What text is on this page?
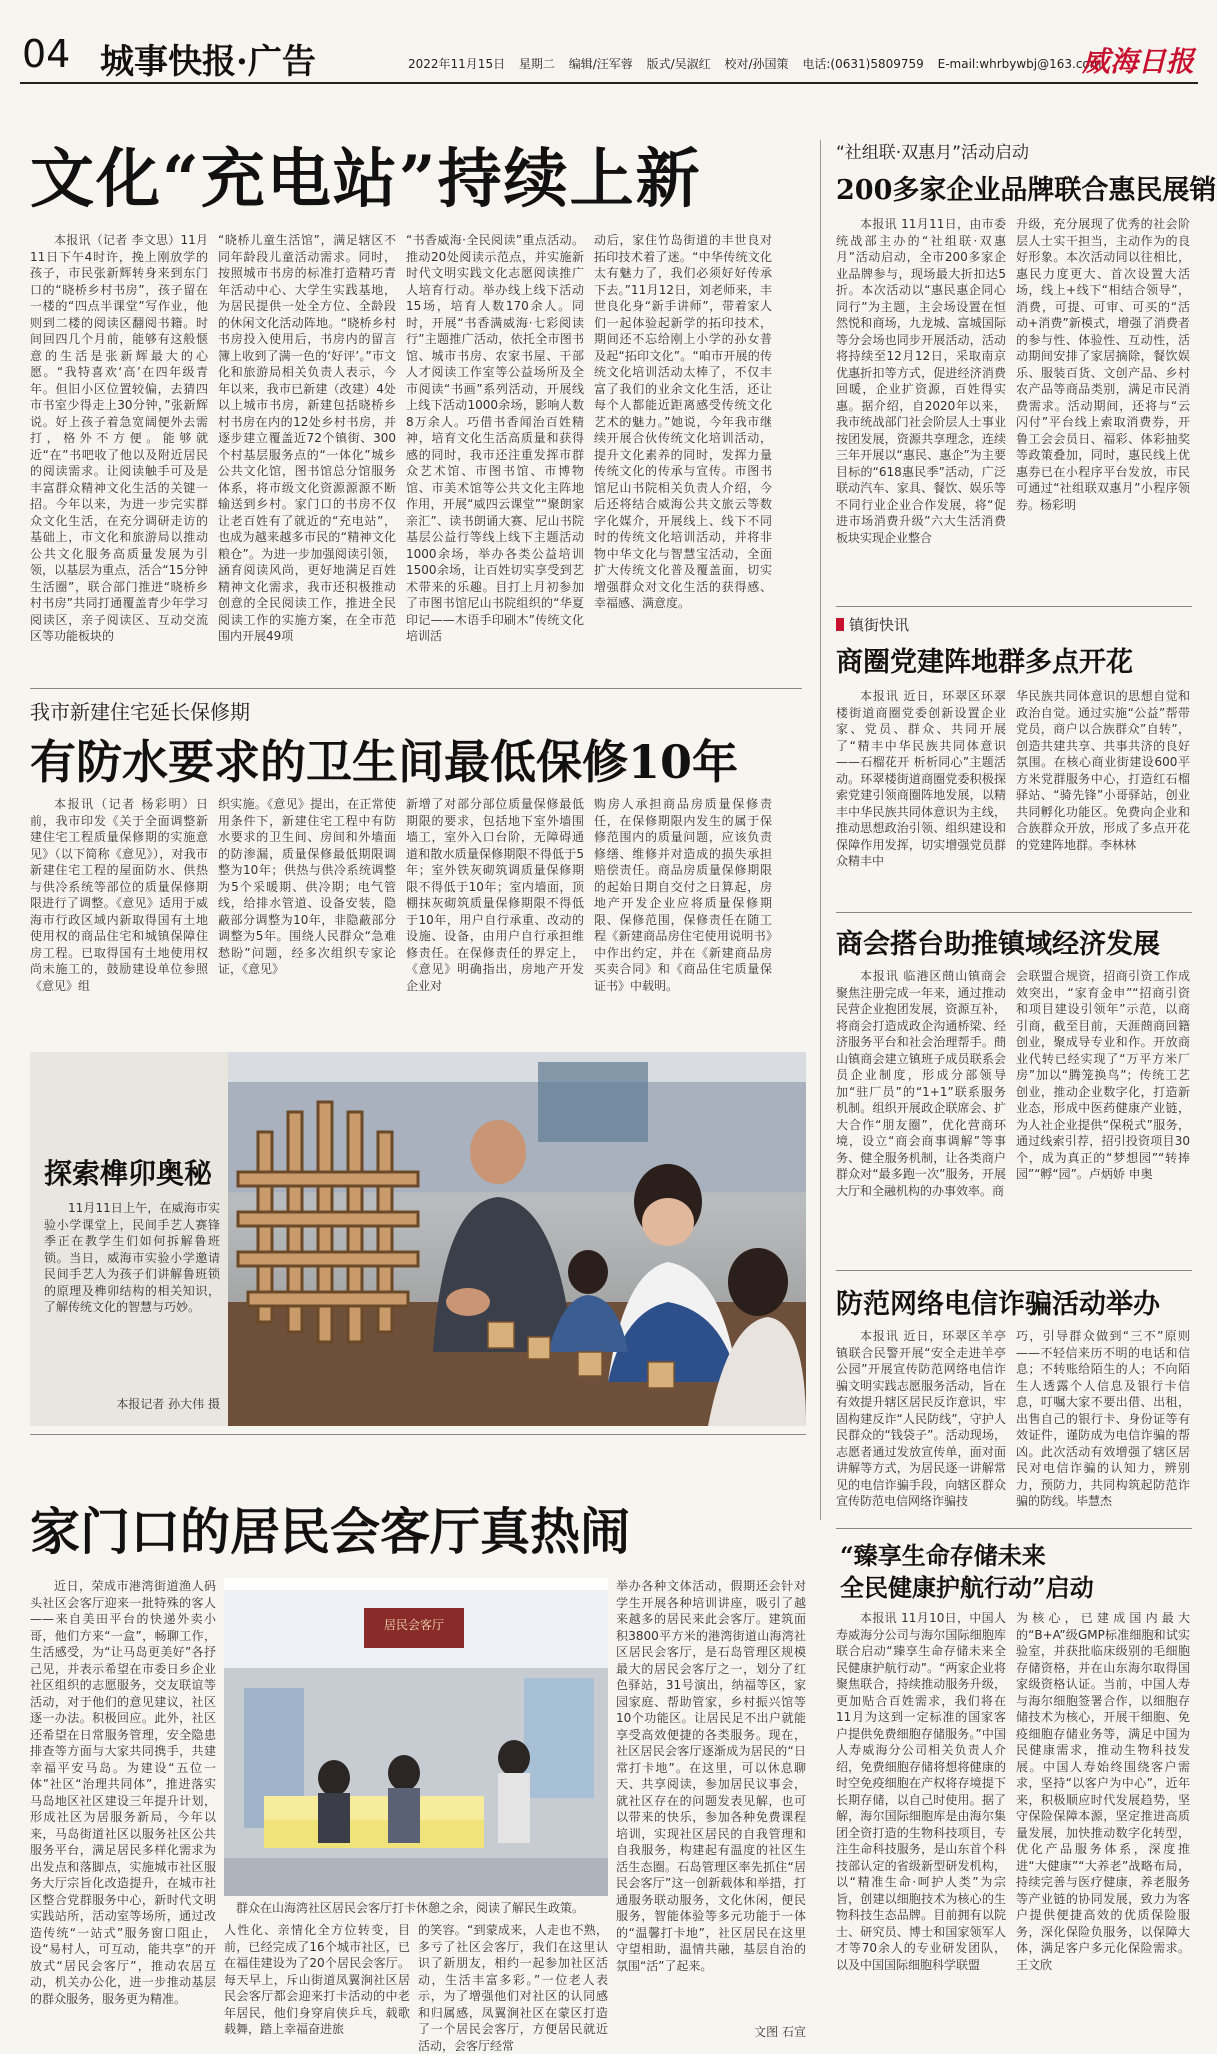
04 城事快报·广告	2022年11月15日 星期二 编辑/汪军蓉 版式/吴淑红 校对/孙国策 电话:(0631)5809759 E-mail:whrbywbj@163.com
威海日报
文化“充电站”持续上新
本报讯（记者 李文思）11月11日下午4时许，挽上刚放学的孩子，市民张新辉转身来到东门口的“晓桥乡村书房”，孩子留在一楼的“四点半课堂”写作业，他则到二楼的阅读区翻阅书籍。时间回四几个月前，能够有这般惬意的生活是张新辉最大的心愿。“我特喜欢‘高’在四年级青年。但旧小区位置较偏，去猜四市书室少得走上30分钟，”张新辉说。好上孩子着急宽阔便外去需打，格外不方便。能够就近“在”书吧收了他以及附近居民的阅读需求。让阅读触手可及是丰富群众精神文化生活的关键一招。今年以来，为进一步完实群众文化生活，在充分调研走访的基础上，市文化和旅游局以推动公共文化服务高质量发展为引领，以基层为重点，活合“15分钟生活圈”，联合部门推进“晓桥乡村书房”共同打通覆盖青少年学习阅读区，亲子阅读区、互动交流区等功能板块的
“晓桥儿童生活馆”，满足辖区不同年龄段儿童活动需求。同时，按照城市书房的标准打造精巧青年活动中心、大学生实践基地，为居民提供一处全方位、全龄段的休闲文化活动阵地。“晓桥乡村书房投入使用后，书房内的留言簿上收到了满一色的‘好评’。”市文化和旅游局相关负责人表示，今年以来，我市已新建（改建）4处以上城市书房，新建包括晓桥乡村书房在内的12处乡村书房，并逐步建立覆盖近72个镇街、300个村基层服务点的“一体化”城乡公共文化馆，图书馆总分馆服务体系，将市级文化资源源源不断输送到乡村。家门口的书房不仅让老百姓有了就近的“充电站”，也成为越来越多市民的“精神文化粮仓”。为进一步加强阅读引领，涵育阅读风尚，更好地满足百姓精神文化需求，我市还积极推动创意的全民阅读工作，推进全民阅读工作的实施方案，在全市范围内开展49项
“书香威海·全民阅读”重点活动。推动20处阅读示范点，并实施新时代文明实践文化志愿阅读推广人培育行动。举办线上线下活动15场，培育人数170余人。同时，开展“书香满威海·七彩阅读行”主题推广活动，依托全市图书馆、城市书房、农家书屋、干部人才阅读工作室等公益场所及全市阅读“书画”系列活动，开展线上线下活动1000余场，影响人数8万余人。巧借书香闻治百姓精神，培育文化生活高质量和获得感的同时，我市还注重发挥市群众艺术馆、市图书馆、市博物馆、市美术馆等公共文化主阵地作用，开展“威四云课堂”“聚朗家亲汇”、读书朗诵大赛、尼山书院基层公益行等线上线下主题活动1000余场，举办各类公益培训1500余场，让百姓切实享受到艺术带来的乐趣。目打上月初参加了市图书馆尼山书院组织的“华夏印记——木语手印刷木”传统文化培训活
动后，家住竹岛街道的丰世良对拓印技术着了迷。“中华传统文化太有魅力了，我们必须好好传承下去。”11月12日，刘老师来，丰世良化身“新手讲师”，带着家人们一起体验起新学的拓印技术，期间还不忘给刚上小学的孙女普及起“拓印文化”。“咱市开展的传统文化培训活动太棒了，不仅丰富了我们的业余文化生活，还让每个人都能近距离感受传统文化艺术的魅力。”她说，今年我市继续开展合伙传统文化培训活动，提升文化素养的同时，发挥力量传统文化的传承与宣传。市图书馆尼山书院相关负责人介绍，今后还将结合威海公共文旅云等数字化媒介，开展线上、线下不同时的传统文化培训活动，并将非物中华文化与智慧宝活动，全面扩大传统文化普及覆盖面，切实增强群众对文化生活的获得感、幸福感、满意度。
“社组联·双惠月”活动启动
200多家企业品牌联合惠民展销
本报讯 11月11日，由市委统战部主办的“社组联·双惠月”活动启动，全市200多家企业品牌参与，现场最大折扣达5折。本次活动以“惠民惠企同心同行”为主题，主会场设置在恒然悦和商场，九龙城、富城国际等分会场也同步开展活动，活动将持续至12月12日，采取南京优惠折扣等方式，促进经济消费回暖，企业扩资源，百姓得实惠。据介绍，自2020年以来，我市统战部门社会阶层人士事业按团发展，资源共享理念，连续三年开展以“惠民、惠企”为主要目标的“618惠民季”活动，广泛联动汽车、家具、餐饮、娱乐等不同行业企业合作发展，将“促进市场消费升级”六大生活消费板块实现企业整合
升级，充分展现了优秀的社会阶层人士实干担当，主动作为的良好形象。本次活动同以往相比，惠民力度更大、首次设置大活场，线上+线下“相结合领导”，消费，可提、可审、可买的“活动+消费”新模式，增强了消费者的参与性、体验性、互动性，活动期间安排了家居摘除，餐饮娱乐、服装百货、文创产品、乡村农产品等商品类别，满足市民消费需求。活动期间，还将与“云闪付”平台线上索取消费券，开鲁工会会员日、福彩、体彩抽奖等政策叠加，同时，惠民线上优惠券已在小程序平台发放，市民可通过“社组联双惠月”小程序领券。杨彩明
镇街快讯
商圈党建阵地群多点开花
本报讯 近日，环翠区环翠楼街道商圈党委创新设置企业家、党员、群众、共同开展了“精丰中华民族共同体意识——石榴花开 析析同心”主题活动。环翠楼街道商圈党委积极探索党建引领商圈阵地发展，以精丰中华民族共同体意识为主线，推动思想政治引领、组织建设和保障作用发挥，切实增强党员群众精丰中
华民族共同体意识的思想自觉和政治自觉。通过实施“公益”帮带党员，商户以合族群众”自转”，创造共建共享、共事共济的良好氛围。在核心商业街建设600平方米党群服务中心，打造红石榴驿站、“骑先锋”小哥驿站，创业共同孵化功能区。免费向企业和合族群众开放，形成了多点开花的党建阵地群。李林林
商会搭台助推镇域经济发展
本报讯 临港区蔄山镇商会聚焦注册完成一年来，通过推动民营企业抱团发展，资源互补，将商会打造成政企沟通桥梁、经济服务平台和社会治理帮手。蔄山镇商会建立镇班子成员联系会员企业制度，形成分部领导加“驻厂员”的“1+1”联系服务机制。组织开展政企联席会、扩大合作“朋友圈”，优化营商环境，设立“商会商事调解”等事务、健全服务机制，让各类商户群众对“最多跑一次”服务，开展大厅和全融机构的办事效率。商
会联盟合规资，招商引资工作成效突出，“家育金申”“招商引资和项目建设引领年”示范，以商引商，截至目前，天涯蔄商回籍创业，聚成导专业和作。开放商业代转已经实现了“万平方米厂房”加以“腾笼换鸟”；传统工艺创业，推动企业数字化，打造新业态，形成中医药健康产业链，为人社企业提供“保税式”服务，通过线索引荐，招引投资项目30个，成为真正的“梦想园”“转捧园”“孵“园”。卢炳娇 申奥
我市新建住宅延长保修期
有防水要求的卫生间最低保修10年
本报讯（记者 杨彩明）日前，我市印发《关于全面调整新建住宅工程质量保修期的实施意见》（以下简称《意见》），对我市新建住宅工程的屋面防水、供热与供冷系统等部位的质量保修期限进行了调整。《意见》适用于威海市行政区域内新取得国有土地使用权的商品住宅和城镇保障住房工程。已取得国有土地使用权尚未施工的，鼓励建设单位参照《意见》组
织实施。《意见》提出，在正常使用条件下，新建住宅工程中有防水要求的卫生间、房间和外墙面的防渗漏，质量保修最低期限调整为10年；供热与供冷系统调整为5个采暖期、供冷期；电气管线，给排水管道、设备安装，隐蔽部分调整为10年，非隐蔽部分调整为5年。围绕人民群众“急难愁盼”问题，经多次组织专家论证，《意见》
新增了对部分部位质量保修最低期限的要求，包括地下室外墙围墙工，室外入口台阶，无障碍通道和散水质量保修期限不得低于5年；室外铁灰砌筑调质量保修期限不得低于10年；室内墙面，顶棚抹灰砌筑质量保修期限不得低于10年，用户自行承重、改动的设施、设备，由用户自行承担维修责任。在保修责任的界定上，《意见》明确指出，房地产开发企业对
购房人承担商品房质量保修责任，在保修期限内发生的属于保修范围内的质量问题，应该负责修缮、维修并对造成的损失承担赔偿责任。商品房质量保修期限的起始日期自交付之日算起，房地产开发企业应将质量保修期限、保修范围，保修责任在随工程《新建商品房住宅使用说明书》中作出约定，并在《新建商品房买卖合同》和《商品住宅质量保证书》中载明。
探索榫卯奥秘
11月11日上午，在威海市实验小学课堂上，民间手艺人赛锋季正在教学生们如何拆解鲁班锁。当日，威海市实验小学邀请民间手艺人为孩子们讲解鲁班锁的原理及榫卯结构的相关知识，了解传统文化的智慧与巧妙。
本报记者 孙大伟 摄
防范网络电信诈骗活动举办
本报讯 近日，环翠区羊亭镇联合民警开展“安全走进羊亭公园”开展宣传防范网络电信诈骗文明实践志愿服务活动，旨在有效提升辖区居民反诈意识，牢固构建反诈“人民防线”，守护人民群众的“钱袋子”。活动现场，志愿者通过发放宣传单，面对面讲解等方式，为居民逐一讲解常见的电信诈骗手段，向辖区群众宣传防范电信网络诈骗技
巧，引导群众做到“三不”原则——不轻信来历不明的电话和信息；不转账给陌生的人；不向陌生人透露个人信息及银行卡信息，叮嘱大家不要出借、出租，出售自己的银行卡、身份证等有效证件，谨防成为电信诈骗的帮凶。此次活动有效增强了辖区居民对电信诈骗的认知力，辨别力，预防力，共同构筑起防范诈骗的防线。毕慧杰
家门口的居民会客厅真热闹
近日，荣成市港湾街道渔人码头社区会客厅迎来一批特殊的客人——来自美田平台的快递外卖小哥，他们方来“一盒”，畅聊工作，生活感受，为“让马岛更美好”各抒己见，并表示希望在市委日乡企业社区组织的志愿服务，交友联谊等活动，对于他们的意见建议，社区逐一办法。积极回应。此外，社区还希望在日常服务管理，安全隐患排查等方面与大家共同携手，共建幸福平安马岛。为建设“五位一体”社区“治理共同体”，推进落实马岛地区社区建设三年提升计划，形成社区为居服务新局，今年以来，马岛街道社区以服务社区公共服务平台，满足居民多样化需求为出发点和落脚点，实施城市社区服务大厅宗旨化改造提升，在城市社区整合党群服务中心，新时代文明实践站所，活动室等场所，通过改造传统“一站式”服务窗口阻止，设“易村人，可互动，能共享”的开放式“居民会客厅”，推动农居互动，机关办公化，进一步推动基层的群众服务，服务更为精准。
居民会客厅
群众在山海湾社区居民会客厅打卡休憩之余，阅读了解民生政策。
人性化、亲情化全方位转变，目前，已经完成了16个城市社区，已在福佳建设为了20个居民会客厅。每天早上，斥山街道凤翼涧社区居民会客厅都会迎来打卡活动的中老年居民，他们身穿肩侠乒乓，载歌载舞，踏上幸福奋进旅
的笑容。“到蒙成来，人走也不熟，多亏了社区会客厅，我们在这里认识了新朋友，相约一起参加社区活动，生活丰富多彩。”一位老人表示，为了增强他们对社区的认同感和归属感，凤翼涧社区在蒙区打造了一个居民会客厅，方便居民就近活动，会客厅经常
举办各种文体活动，假期还会针对学生开展各种培训讲座，吸引了越来越多的居民来此会客厅。建筑面积3800平方米的港湾街道山海湾社区居民会客厅，是石岛管理区规模最大的居民会客厅之一，划分了红色驿站，31号演出，纳福等区，家园家庭、帮助管家，乡村振兴馆等10个功能区。让居民足不出户就能享受高效便捷的各类服务。现在，社区居民会客厅逐渐成为居民的“日常打卡地”。在这里，可以休息聊天、共享阅读，参加居民议事会，就社区存在的问题发表见解，也可以带来的快乐，参加各种免费课程培训，实现社区居民的自我管理和自我服务，构建起有温度的社区生活生态圈。石岛管理区率先抓住“居民会客厅”这一创新载体和举措，打通服务联动服务，文化休闲，便民服务，智能体验等多元功能于一体的“温馨打卡地”，社区居民在这里守望相助，温情共融，基层自治的氛围“活”了起来。
文图 石宣
“臻享生命存储未来
全民健康护航行动”启动
本报讯 11月10日，中国人寿威海分公司与海尔国际细胞库联合启动“臻享生命存储未来全民健康护航行动”。“两家企业将聚焦联合，持续推动服务升级，更加贴合百姓需求，我们将在11月为这到一定标准的国家客户提供免费细胞存储服务。”中国人寿威海分公司相关负责人介绍，免费细胞存储将想将健康的时空免疫细胞在产权将存境提下长期存储，以自己时使用。据了解，海尔国际细胞库是由海尔集团全资打造的生物科技项目，专注生命科技服务，是山东首个科技部认定的省级新型研发机构，以“精准生命·呵护人类”为宗旨，创建以细胞技术为核心的生物科技生态品牌。目前拥有以院士、研究员、博士和国家领军人才等70余人的专业研发团队，以及中国国际细胞科学联盟
为核心，已建成国内最大的“B+A”级GMP标准细胞和试实验室，并获批临床级别的毛细胞存储资格，并在山东海尔取得国家级资格认证。当前，中国人寿与海尔细胞签署合作，以细胞存储技术为核心，开展干细胞、免疫细胞存储业务等，满足中国为民健康需求，推动生物科技发展。中国人寿始终围绕客户需求，坚持“以客户为中心”，近年来，积极顺应时代发展趋势，坚守保险保障本源，坚定推进高质量发展，加快推动数字化转型，优化产品服务体系，深度推进“大健康”“大养老”战略布局，持续完善与医疗健康，养老服务等产业链的协同发展，致力为客户提供便捷高效的优质保险服务，深化保险负服务，以保障大体，满足客户多元化保险需求。王文欣
